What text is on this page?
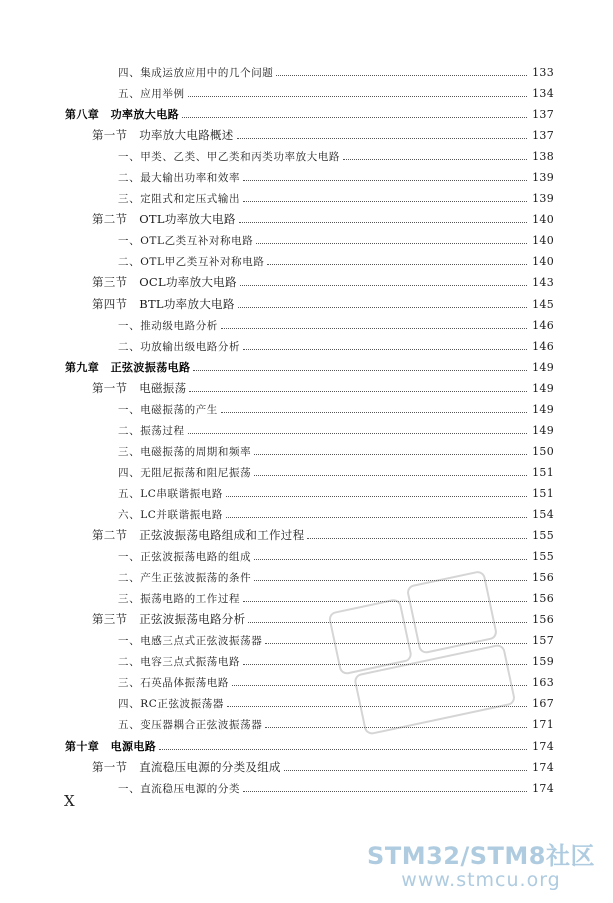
四、集成运放应用中的几个问题	133
五、应用举例	134
第八章　功率放大电路	137
第一节　功率放大电路概述	137
一、甲类、乙类、甲乙类和丙类功率放大电路	138
二、最大输出功率和效率	139
三、定阻式和定压式输出	139
第二节　OTL功率放大电路	140
一、OTL乙类互补对称电路	140
二、OTL甲乙类互补对称电路	140
第三节　OCL功率放大电路	143
第四节　BTL功率放大电路	145
一、推动级电路分析	146
二、功放输出级电路分析	146
第九章　正弦波振荡电路	149
第一节　电磁振荡	149
一、电磁振荡的产生	149
二、振荡过程	149
三、电磁振荡的周期和频率	150
四、无阻尼振荡和阻尼振荡	151
五、LC串联谐振电路	151
六、LC并联谐振电路	154
第二节　正弦波振荡电路组成和工作过程	155
一、正弦波振荡电路的组成	155
二、产生正弦波振荡的条件	156
三、振荡电路的工作过程	156
第三节　正弦波振荡电路分析	156
一、电感三点式正弦波振荡器	157
二、电容三点式振荡电路	159
三、石英晶体振荡电路	163
四、RC正弦波振荡器	167
五、变压器耦合正弦波振荡器	171
第十章　电源电路	174
第一节　直流稳压电源的分类及组成	174
一、直流稳压电源的分类	174
X
STM32/STM8社区
www.stmcu.org
